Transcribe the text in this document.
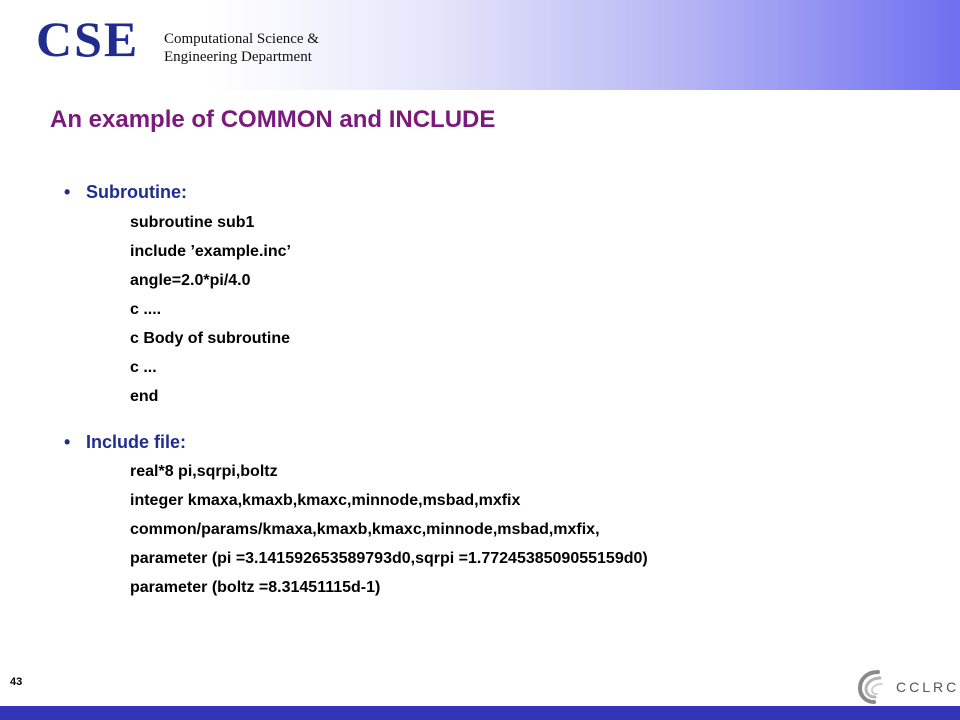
CSE Computational Science &
Engineering Department
An example of COMMON and INCLUDE
• Subroutine:
subroutine sub1
include ’example.inc’
angle=2.0*pi/4.0
c ....
c Body of subroutine
c ...
end
• Include file:
real*8 pi,sqrpi,boltz
integer kmaxa,kmaxb,kmaxc,minnode,msbad,mxfix
common/params/kmaxa,kmaxb,kmaxc,minnode,msbad,mxfix,
parameter (pi =3.141592653589793d0,sqrpi =1.7724538509055159d0)
parameter (boltz =8.31451115d-1)
43	CCLRC
